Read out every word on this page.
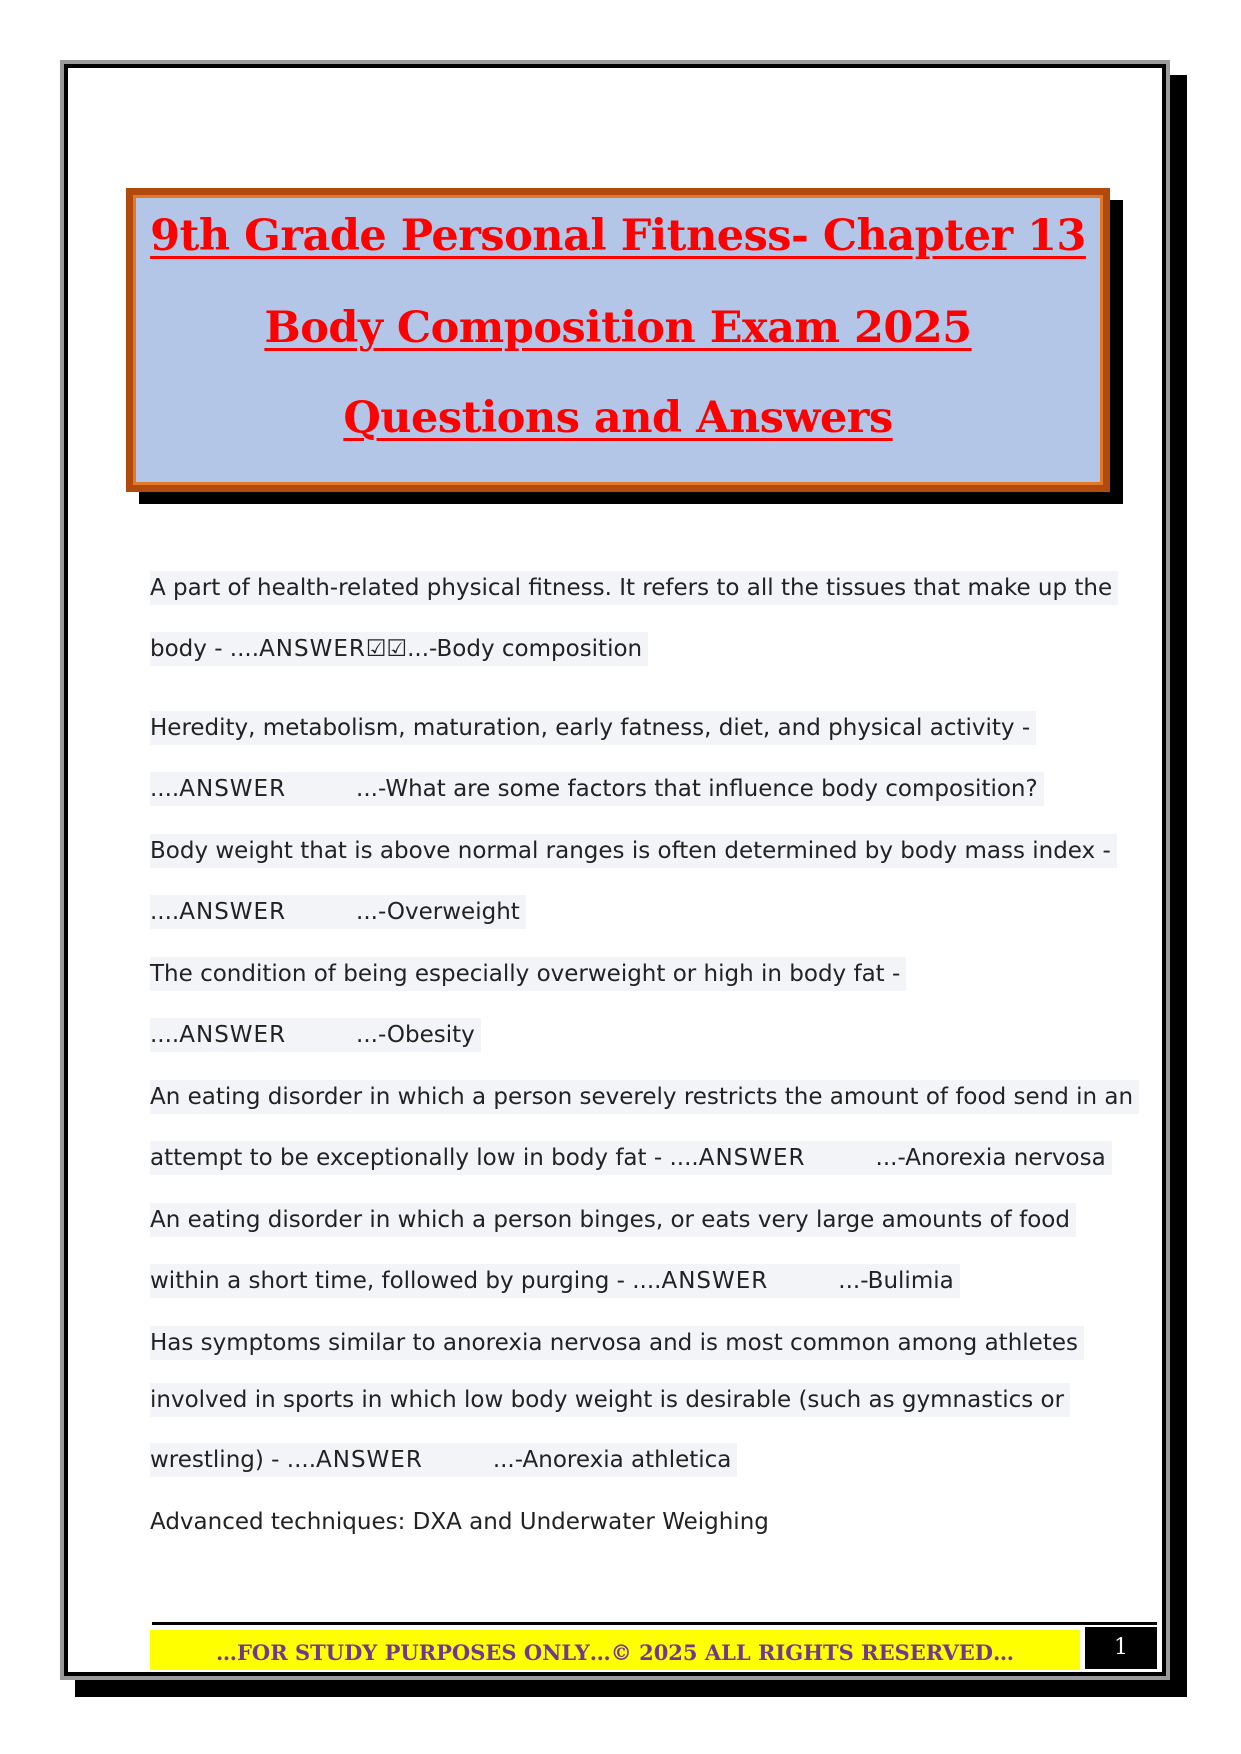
9th Grade Personal Fitness- Chapter 13
Body Composition Exam 2025
Questions and Answers
A part of health-related physical fitness. It refers to all the tissues that make up the
body - ....ANSWER☑☑...-Body composition
Heredity, metabolism, maturation, early fatness, diet, and physical activity -
....ANSWER	...-What are some factors that influence body composition?
Body weight that is above normal ranges is often determined by body mass index -
....ANSWER	...-Overweight
The condition of being especially overweight or high in body fat -
....ANSWER	...-Obesity
An eating disorder in which a person severely restricts the amount of food send in an
attempt to be exceptionally low in body fat - ....ANSWER	...-Anorexia nervosa
An eating disorder in which a person binges, or eats very large amounts of food
within a short time, followed by purging - ....ANSWER	...-Bulimia
Has symptoms similar to anorexia nervosa and is most common among athletes
involved in sports in which low body weight is desirable (such as gymnastics or
wrestling) - ....ANSWER	...-Anorexia athletica
Advanced techniques: DXA and Underwater Weighing
…FOR STUDY PURPOSES ONLY…© 2025 ALL RIGHTS RESERVED…	1
